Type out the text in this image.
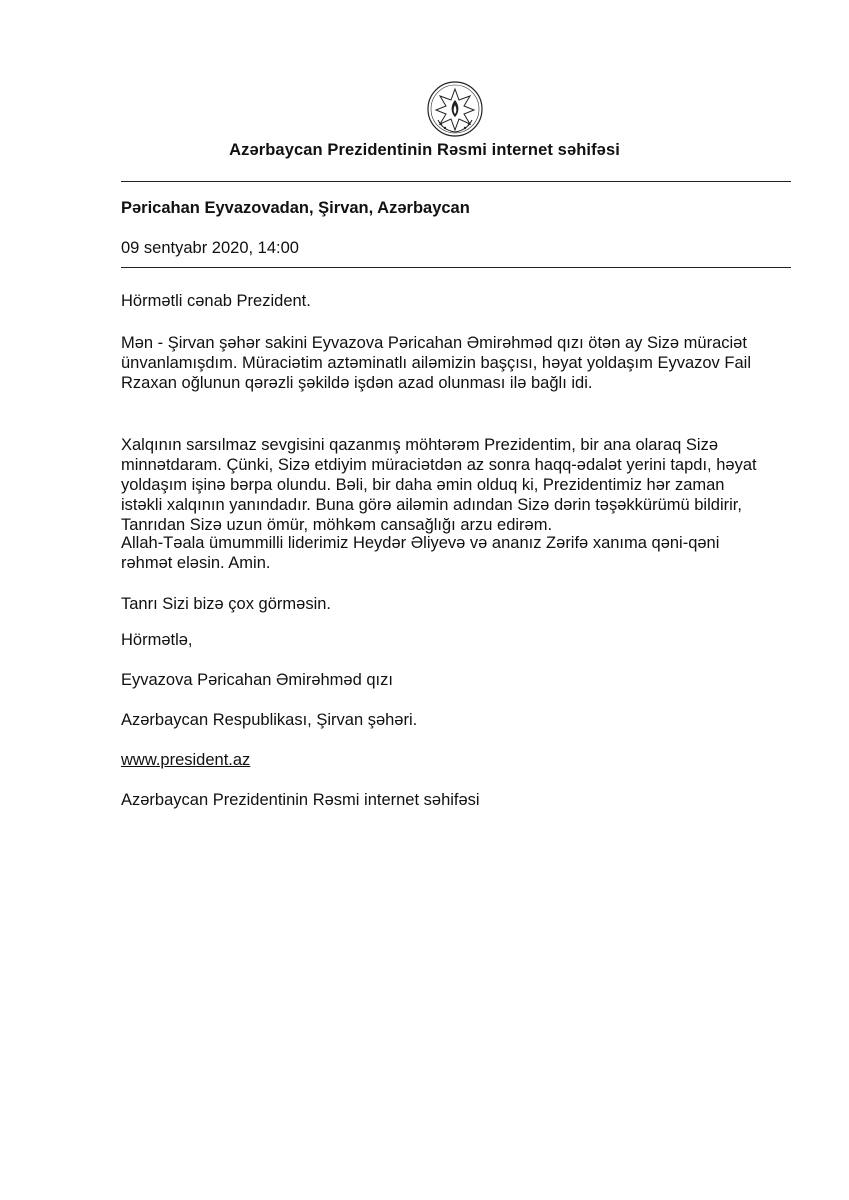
Azərbaycan Prezidentinin Rəsmi internet səhifəsi
Pəricahan Eyvazovadan, Şirvan, Azərbaycan
09 sentyabr 2020, 14:00

Hörmətli cənab Prezident.

Mən - Şirvan şəhər sakini Eyvazova Pəricahan Əmirəhməd qızı ötən ay Sizə müraciət
ünvanlamışdım. Müraciətim aztəminatlı ailəmizin başçısı, həyat yoldaşım Eyvazov Fail
Rzaxan oğlunun qərəzli şəkildə işdən azad olunması ilə bağlı idi.

Xalqının sarsılmaz sevgisini qazanmış möhtərəm Prezidentim, bir ana olaraq Sizə
minnətdaram. Çünki, Sizə etdiyim müraciətdən az sonra haqq-ədalət yerini tapdı, həyat
yoldaşım işinə bərpa olundu. Bəli, bir daha əmin olduq ki, Prezidentimiz hər zaman
istəkli xalqının yanındadır. Buna görə ailəmin adından Sizə dərin təşəkkürümü bildirir,
Tanrıdan Sizə uzun ömür, möhkəm cansağlığı arzu edirəm.

Allah-Təala ümummilli liderimiz Heydər Əliyevə və ananız Zərifə xanıma qəni-qəni
rəhmət eləsin. Amin.

Tanrı Sizi bizə çox görməsin.

Hörmətlə,

Eyvazova Pəricahan Əmirəhməd qızı

Azərbaycan Respublikası, Şirvan şəhəri.

www.president.az

Azərbaycan Prezidentinin Rəsmi internet səhifəsi
